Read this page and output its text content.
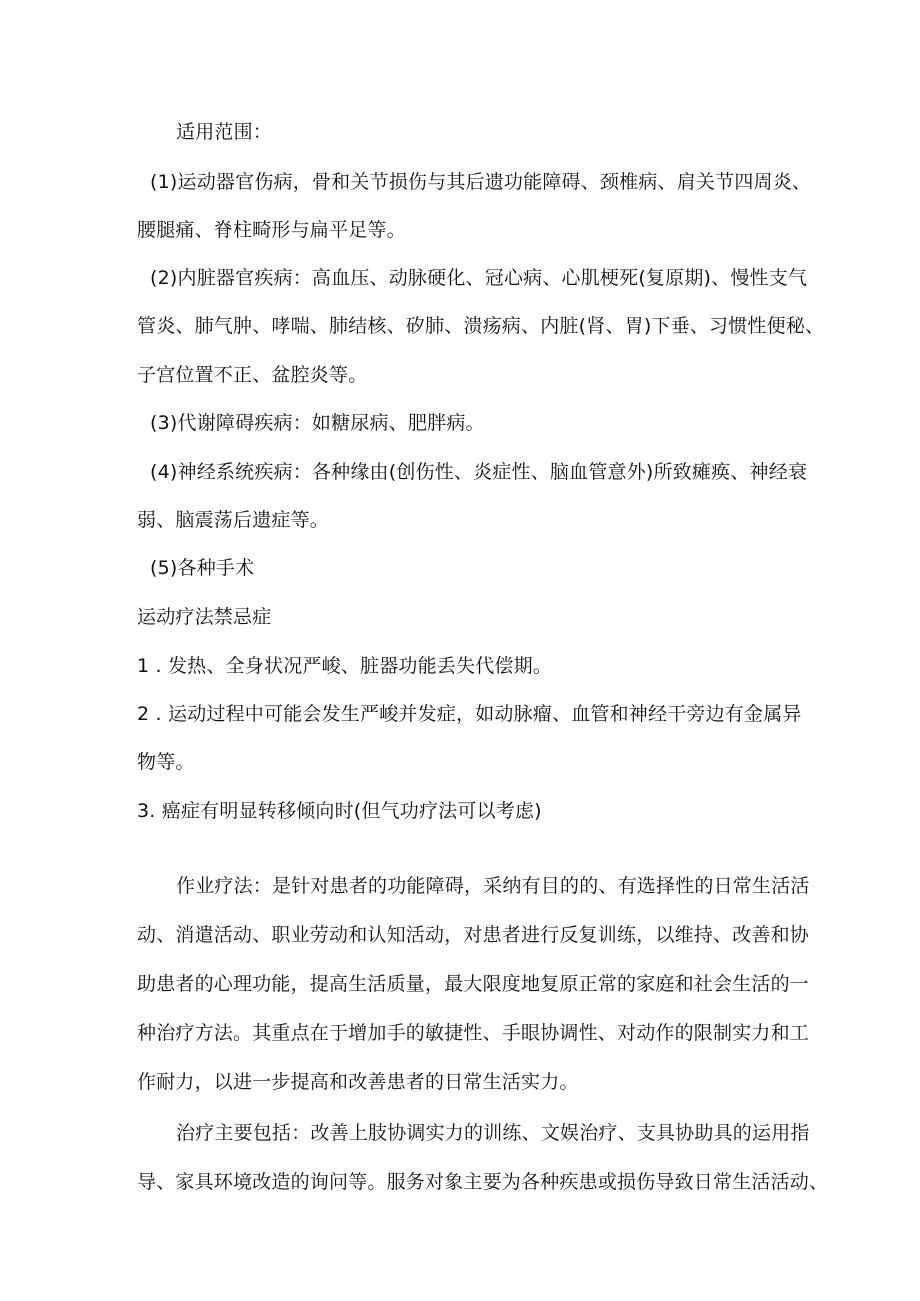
适用范围：
(1)运动器官伤病，骨和关节损伤与其后遗功能障碍、颈椎病、肩关节四周炎、
腰腿痛、脊柱畸形与扁平足等。
(2)内脏器官疾病：高血压、动脉硬化、冠心病、心肌梗死(复原期)、慢性支气
管炎、肺气肿、哮喘、肺结核、矽肺、溃疡病、内脏(肾、胃)下垂、习惯性便秘、
子宫位置不正、盆腔炎等。
(3)代谢障碍疾病：如糖尿病、肥胖病。
(4)神经系统疾病：各种缘由(创伤性、炎症性、脑血管意外)所致瘫痪、神经衰
弱、脑震荡后遗症等。
(5)各种手术
运动疗法禁忌症
1 . 发热、全身状况严峻、脏器功能丢失代偿期。
2 . 运动过程中可能会发生严峻并发症，如动脉瘤、血管和神经干旁边有金属异
物等。
3. 癌症有明显转移倾向时(但气功疗法可以考虑)
作业疗法：是针对患者的功能障碍，采纳有目的的、有选择性的日常生活活
动、消遣活动、职业劳动和认知活动，对患者进行反复训练，以维持、改善和协
助患者的心理功能，提高生活质量，最大限度地复原正常的家庭和社会生活的一
种治疗方法。其重点在于增加手的敏捷性、手眼协调性、对动作的限制实力和工
作耐力，以进一步提高和改善患者的日常生活实力。
治疗主要包括：改善上肢协调实力的训练、文娱治疗、支具协助具的运用指
导、家具环境改造的询问等。服务对象主要为各种疾患或损伤导致日常生活活动、
